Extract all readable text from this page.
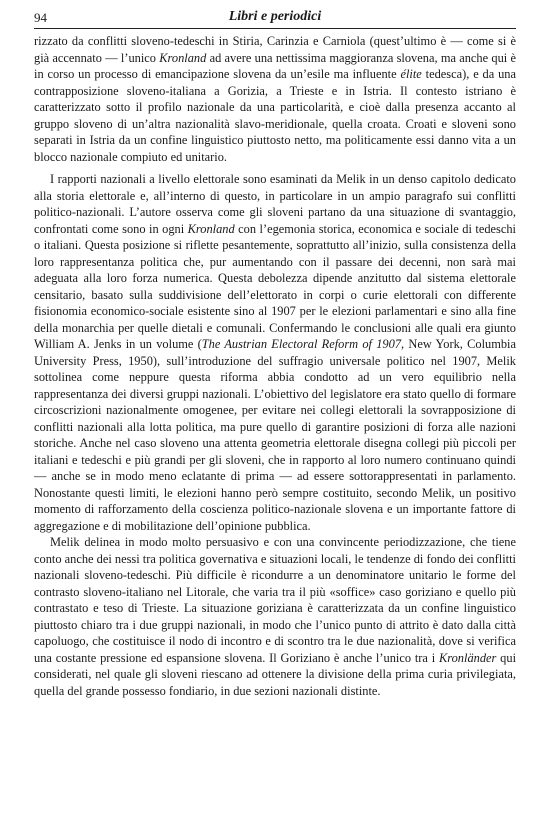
94	Libri e periodici

rizzato da conflitti sloveno-tedeschi in Stiria, Carinzia e Carniola (quest’ultimo è — come si è già accennato — l’unico Kronland ad avere una nettissima maggioranza slovena, ma anche qui è in corso un processo di emancipazione slovena da un’esile ma influente élite tedesca), e da una contrapposizione sloveno-italiana a Gorizia, a Trieste e in Istria. Il contesto istriano è caratterizzato sotto il profilo nazionale da una particolarità, e cioè dalla presenza accanto al gruppo sloveno di un’altra nazionalità slavo-meridionale, quella croata. Croati e sloveni sono separati in Istria da un confine linguistico piuttosto netto, ma politicamente essi danno vita a un blocco nazionale compiuto ed unitario.

I rapporti nazionali a livello elettorale sono esaminati da Melik in un denso capitolo dedicato alla storia elettorale e, all’interno di questo, in particolare in un ampio paragrafo sui conflitti politico-nazionali. L’autore osserva come gli sloveni partano da una situazione di svantaggio, confrontati come sono in ogni Kronland con l’egemonia storica, economica e sociale di tedeschi o italiani. Questa posizione si riflette pesantemente, soprattutto all’inizio, sulla consistenza della loro rappresentanza politica che, pur aumentando con il passare dei decenni, non sarà mai adeguata alla loro forza numerica. Questa debolezza dipende anzitutto dal sistema elettorale censitario, basato sulla suddivisione dell’elettorato in corpi o curie elettorali con differente fisionomia economico-sociale esistente sino al 1907 per le elezioni parlamentari e sino alla fine della monarchia per quelle dietali e comunali. Confermando le conclusioni alle quali era giunto William A. Jenks in un volume (The Austrian Electoral Reform of 1907, New York, Columbia University Press, 1950), sull’introduzione del suffragio universale politico nel 1907, Melik sottolinea come neppure questa riforma abbia condotto ad un vero equilibrio nella rappresentanza dei diversi gruppi nazionali. L’obiettivo del legislatore era stato quello di formare circoscrizioni nazionalmente omogenee, per evitare nei collegi elettorali la sovrapposizione di conflitti nazionali alla lotta politica, ma pure quello di garantire posizioni di forza alle nazioni storiche. Anche nel caso sloveno una attenta geometria elettorale disegna collegi più piccoli per italiani e tedeschi e più grandi per gli sloveni, che in rapporto al loro numero continuano quindi — anche se in modo meno eclatante di prima — ad essere sottorappresentati in parlamento. Nonostante questi limiti, le elezioni hanno però sempre costituito, secondo Melik, un positivo momento di rafforzamento della coscienza politico-nazionale slovena e un importante fattore di aggregazione e di mobilitazione dell’opinione pubblica.

Melik delinea in modo molto persuasivo e con una convincente periodizzazione, che tiene conto anche dei nessi tra politica governativa e situazioni locali, le tendenze di fondo dei conflitti nazionali sloveno-tedeschi. Più difficile è ricondurre a un denominatore unitario le forme del contrasto sloveno-italiano nel Litorale, che varia tra il più «soffice» caso goriziano e quello più contrastato e teso di Trieste. La situazione goriziana è caratterizzata da un confine linguistico piuttosto chiaro tra i due gruppi nazionali, in modo che l’unico punto di attrito è dato dalla città capoluogo, che costituisce il nodo di incontro e di scontro tra le due nazionalità, dove si verifica una costante pressione ed espansione slovena. Il Goriziano è anche l’unico tra i Kronländer qui considerati, nel quale gli sloveni riescano ad ottenere la divisione della prima curia privilegiata, quella del grande possesso fondiario, in due sezioni nazionali distinte.
